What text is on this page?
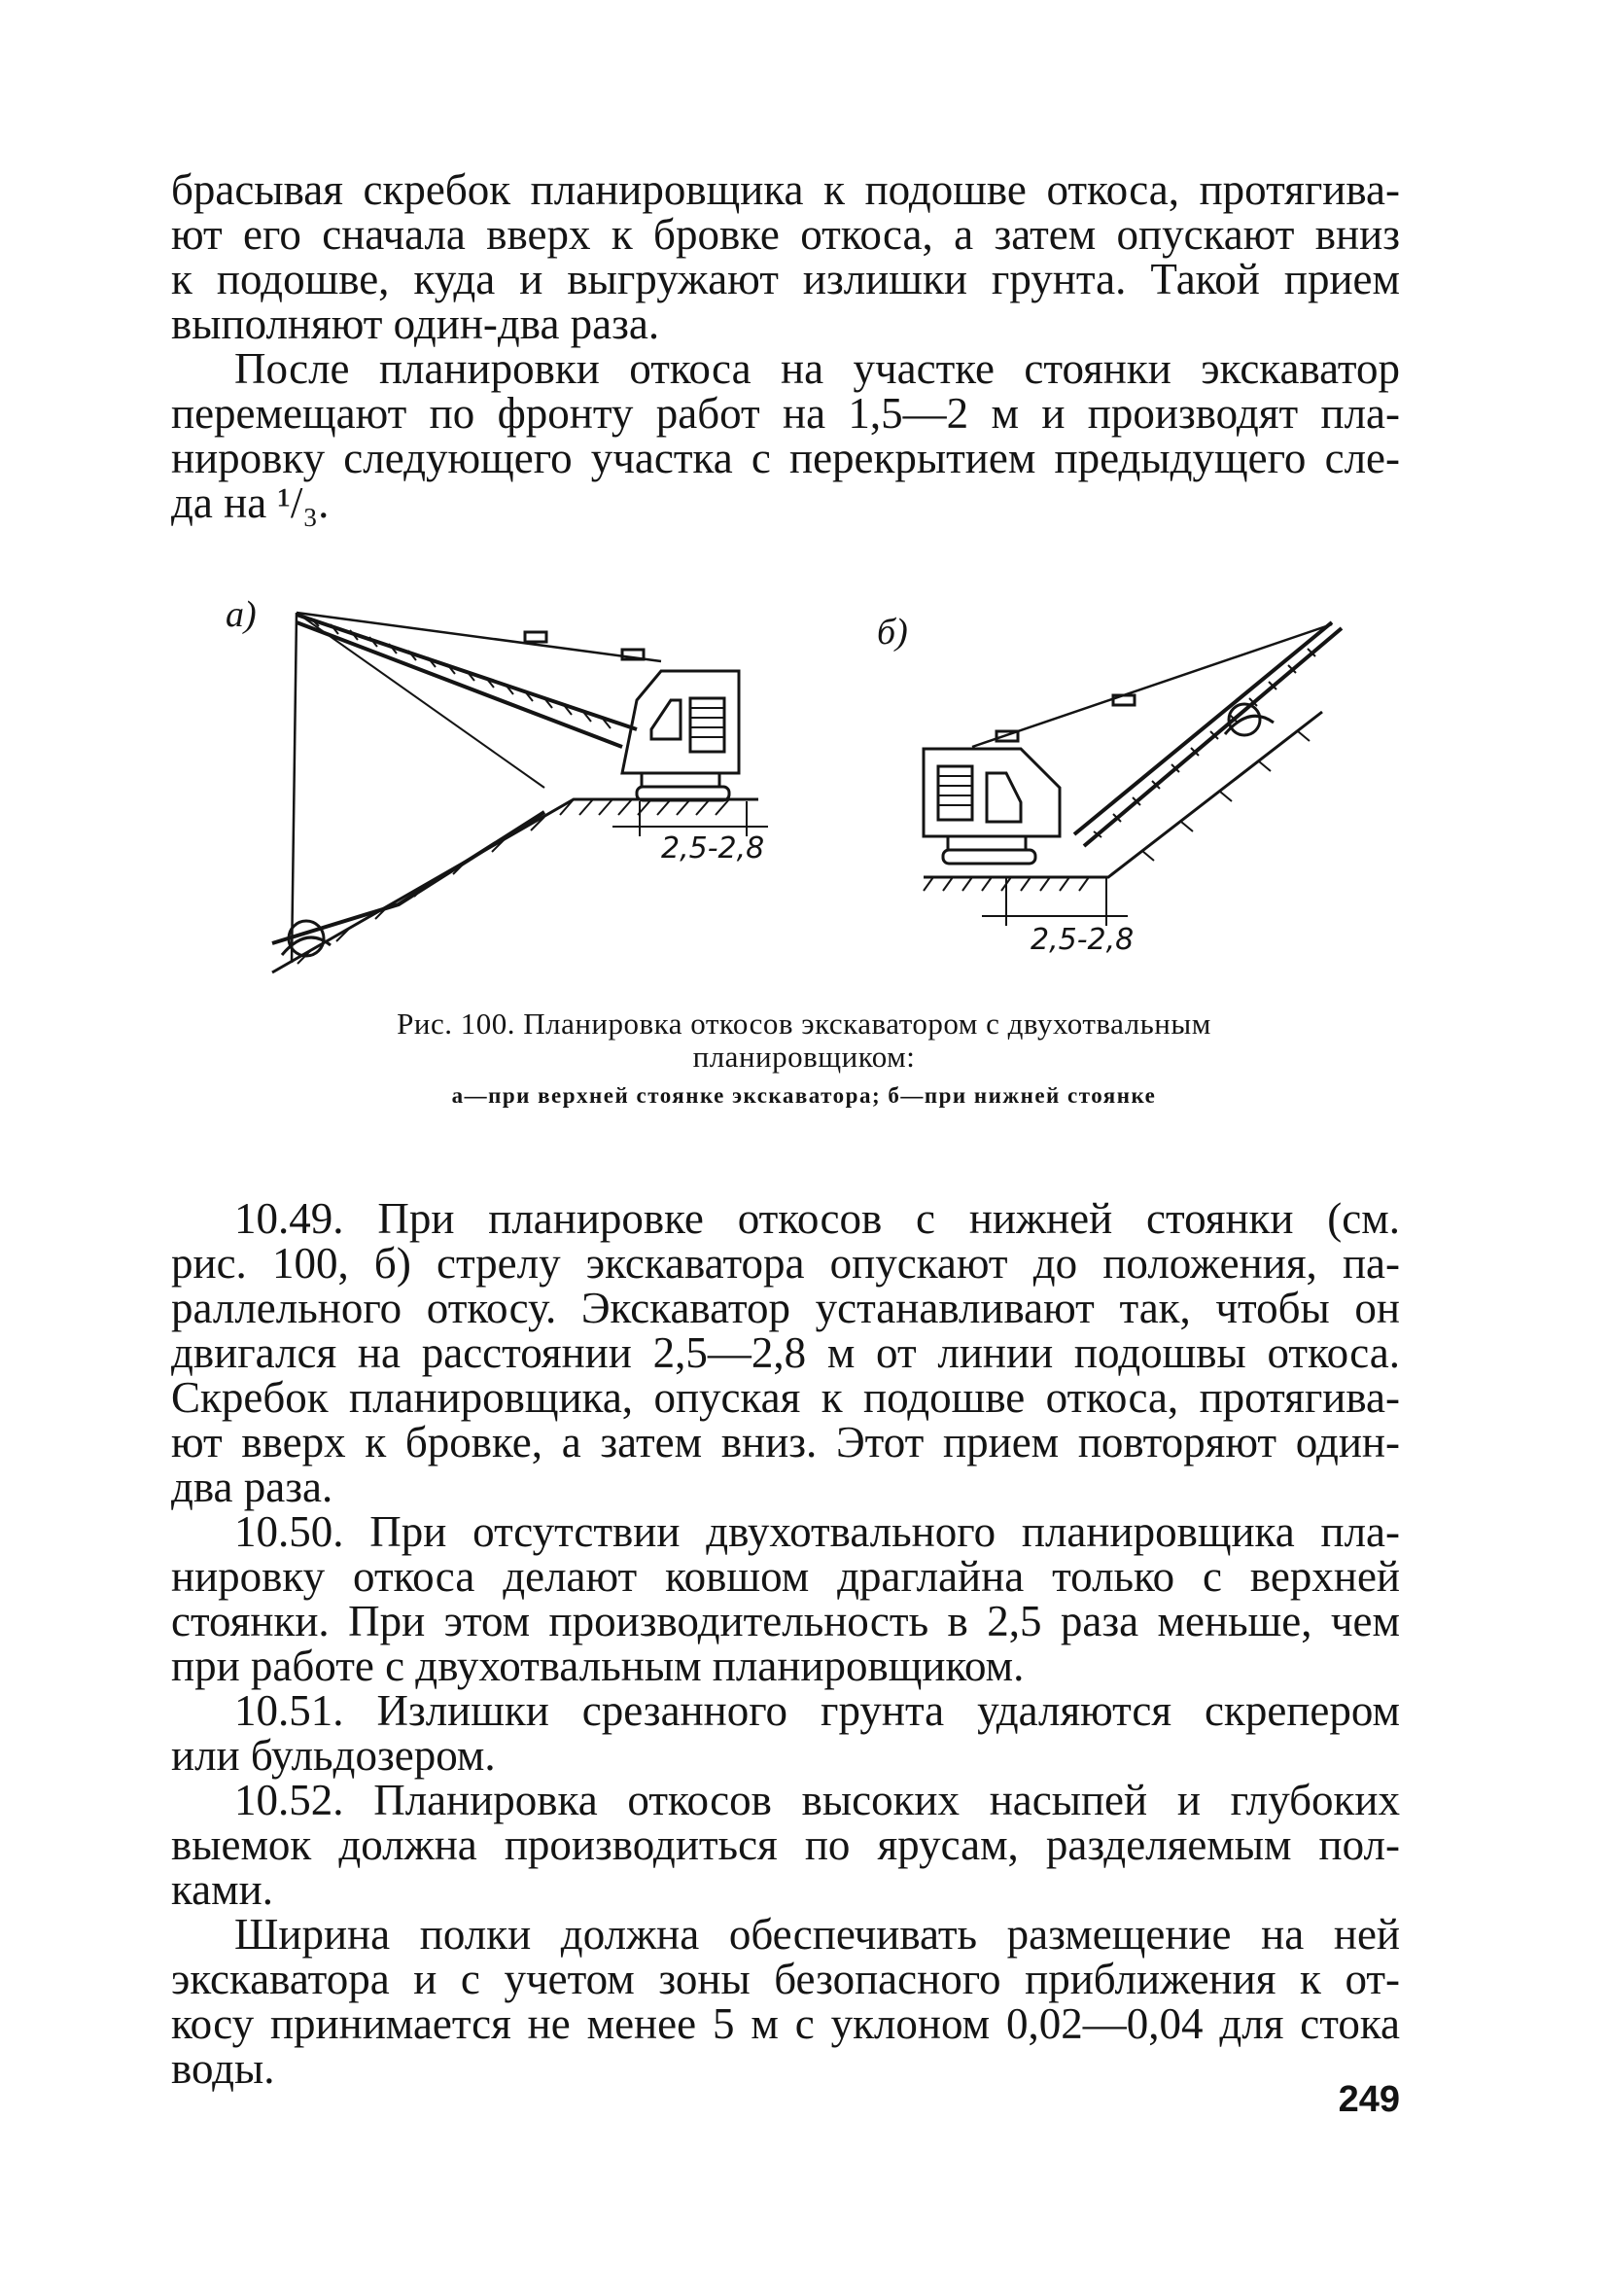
брасывая скребок планировщика к подошве откоса, протягива-
ют его сначала вверх к бровке откоса, а затем опускают вниз
к подошве, куда и выгружают излишки грунта. Такой прием
выполняют один-два раза.
После планировки откоса на участке стоянки экскаватор
перемещают по фронту работ на 1,5—2 м и производят пла-
нировку следующего участка с перекрытием предыдущего сле-
да на ¹/₃.
а)	б)
2,5-2,8
2,5-2,8
Рис. 100. Планировка откосов экскаватором с двухотвальным
планировщиком:
а—при верхней стоянке экскаватора; б—при нижней стоянке
10.49. При планировке откосов с нижней стоянки (см.
рис. 100, б) стрелу экскаватора опускают до положения, па-
раллельного откосу. Экскаватор устанавливают так, чтобы он
двигался на расстоянии 2,5—2,8 м от линии подошвы откоса.
Скребок планировщика, опуская к подошве откоса, протягива-
ют вверх к бровке, а затем вниз. Этот прием повторяют один-
два раза.
10.50. При отсутствии двухотвального планировщика пла-
нировку откоса делают ковшом драглайна только с верхней
стоянки. При этом производительность в 2,5 раза меньше, чем
при работе с двухотвальным планировщиком.
10.51. Излишки срезанного грунта удаляются скрепером
или бульдозером.
10.52. Планировка откосов высоких насыпей и глубоких
выемок должна производиться по ярусам, разделяемым пол-
ками.
Ширина полки должна обеспечивать размещение на ней
экскаватора и с учетом зоны безопасного приближения к от-
косу принимается не менее 5 м с уклоном 0,02—0,04 для стока
воды.
249
